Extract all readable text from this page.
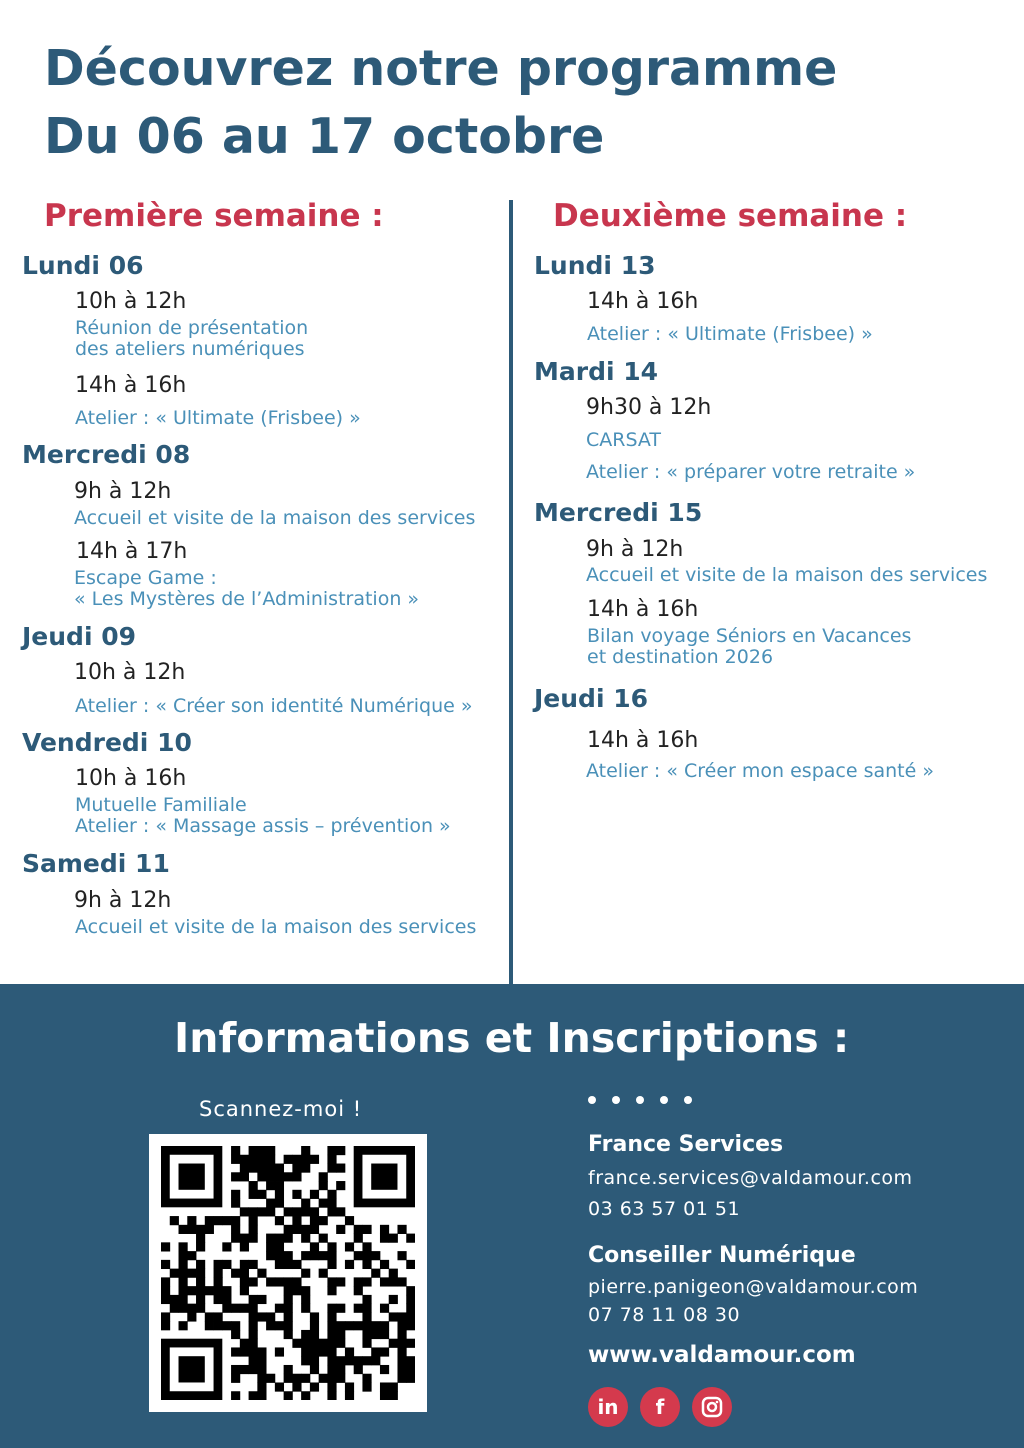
Découvrez notre programme
Du 06 au 17 octobre
Première semaine :	Deuxième semaine :
Lundi 06
10h à 12h
Réunion de présentation
des ateliers numériques
14h à 16h
Atelier : « Ultimate (Frisbee) »
Mercredi 08
9h à 12h
Accueil et visite de la maison des services
14h à 17h
Escape Game :
« Les Mystères de l’Administration »
Jeudi 09
10h à 12h
Atelier : « Créer son identité Numérique »
Vendredi 10
10h à 16h
Mutuelle Familiale
Atelier : « Massage assis – prévention »
Samedi 11
9h à 12h
Accueil et visite de la maison des services
Lundi 13
14h à 16h
Atelier : « Ultimate (Frisbee) »
Mardi 14
9h30 à 12h
CARSAT
Atelier : « préparer votre retraite »
Mercredi 15
9h à 12h
Accueil et visite de la maison des services
14h à 16h
Bilan voyage Séniors en Vacances
et destination 2026
Jeudi 16
14h à 16h
Atelier : « Créer mon espace santé »
Informations et Inscriptions :
Scannez-moi !
France Services
france.services@valdamour.com
03 63 57 01 51
Conseiller Numérique
pierre.panigeon@valdamour.com
07 78 11 08 30
www.valdamour.com
in	f
